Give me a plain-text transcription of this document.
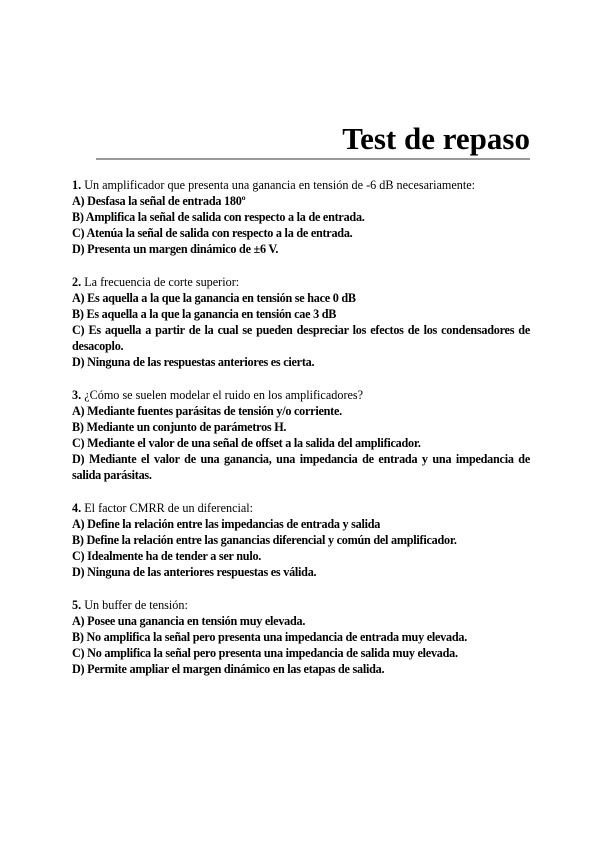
Test de repaso
1. Un amplificador que presenta una ganancia en tensión de -6 dB necesariamente:
A) Desfasa la señal de entrada 180º
B) Amplifica la señal de salida con respecto a la de entrada.
C) Atenúa la señal de salida con respecto a la de entrada.
D) Presenta un margen dinámico de ±6 V.
2. La frecuencia de corte superior:
A) Es aquella a la que la ganancia en tensión se hace 0 dB
B) Es aquella a la que la ganancia en tensión cae 3 dB
C) Es aquella a partir de la cual se pueden despreciar los efectos de los condensadores de desacoplo.
D) Ninguna de las respuestas anteriores es cierta.
3. ¿Cómo se suelen modelar el ruido en los amplificadores?
A) Mediante fuentes parásitas de tensión y/o corriente.
B) Mediante un conjunto de parámetros H.
C) Mediante el valor de una señal de offset a la salida del amplificador.
D) Mediante el valor de una ganancia, una impedancia de entrada y una impedancia de salida parásitas.
4. El factor CMRR de un diferencial:
A) Define la relación entre las impedancias de entrada y salida
B) Define la relación entre las ganancias diferencial y común del amplificador.
C) Idealmente ha de tender a ser nulo.
D) Ninguna de las anteriores respuestas es válida.
5. Un buffer de tensión:
A) Posee una ganancia en tensión muy elevada.
B) No amplifica la señal pero presenta una impedancia de entrada muy elevada.
C) No amplifica la señal pero presenta una impedancia de salida muy elevada.
D) Permite ampliar el margen dinámico en las etapas de salida.
